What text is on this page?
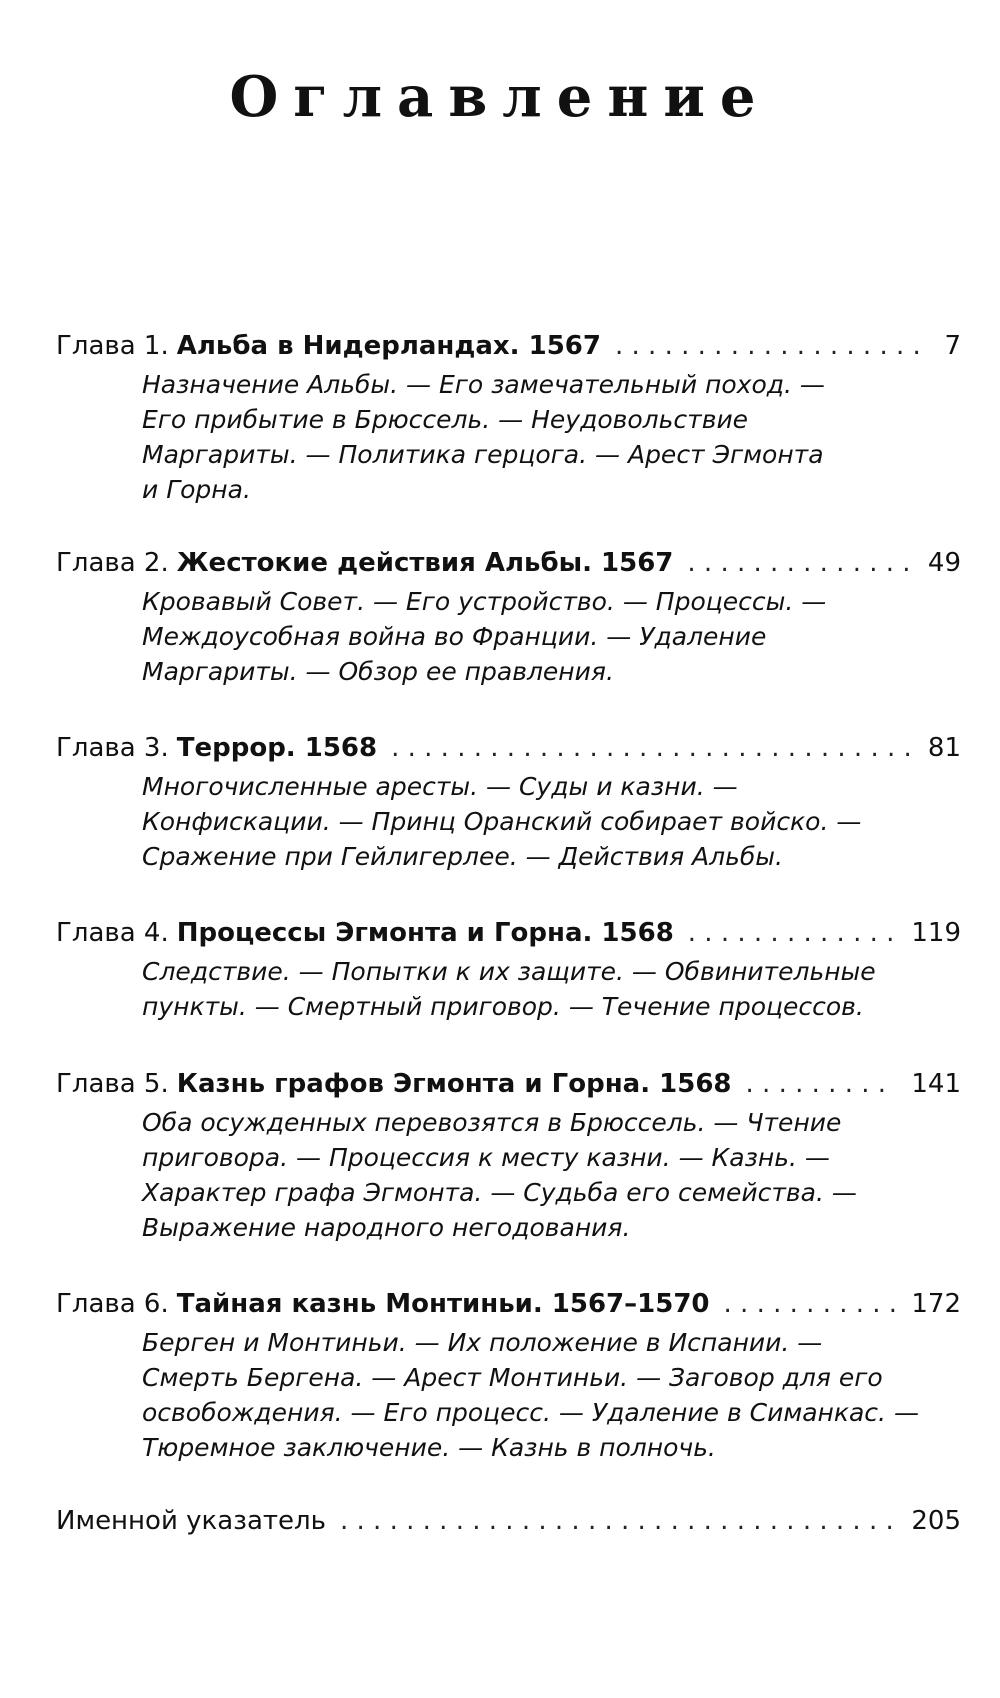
Оглавление
Глава 1. Альба в Нидерландах. 1567 . . .	7

Назначение Альбы. — Его замечательный поход. —
Его прибытие в Брюссель. — Неудовольствие
Маргариты. — Политика герцога. — Арест Эгмонта
и Горна.

Глава 2. Жестокие действия Альбы. 1567 . . .	49

Кровавый Совет. — Его устройство. — Процессы. —
Междоусобная война во Франции. — Удаление
Маргариты. — Обзор ее правления.

Глава 3. Террор. 1568 . . .	81

Многочисленные аресты. — Суды и казни. —
Конфискации. — Принц Оранский собирает войско. —
Сражение при Гейлигерлее. — Действия Альбы.

Глава 4. Процессы Эгмонта и Горна. 1568 . . .	119

Следствие. — Попытки к их защите. — Обвинительные
пункты. — Смертный приговор. — Течение процессов.

Глава 5. Казнь графов Эгмонта и Горна. 1568 . . .	141

Оба осужденных перевозятся в Брюссель. — Чтение
приговора. — Процессия к месту казни. — Казнь. —
Характер графа Эгмонта. — Судьба его семейства. —
Выражение народного негодования.

Глава 6. Тайная казнь Монтиньи. 1567–1570 . . .	172

Берген и Монтиньи. — Их положение в Испании. —
Смерть Бергена. — Арест Монтиньи. — Заговор для его
освобождения. — Его процесс. — Удаление в Симанкас. —
Тюремное заключение. — Казнь в полночь.

Именной указатель . . .	205
